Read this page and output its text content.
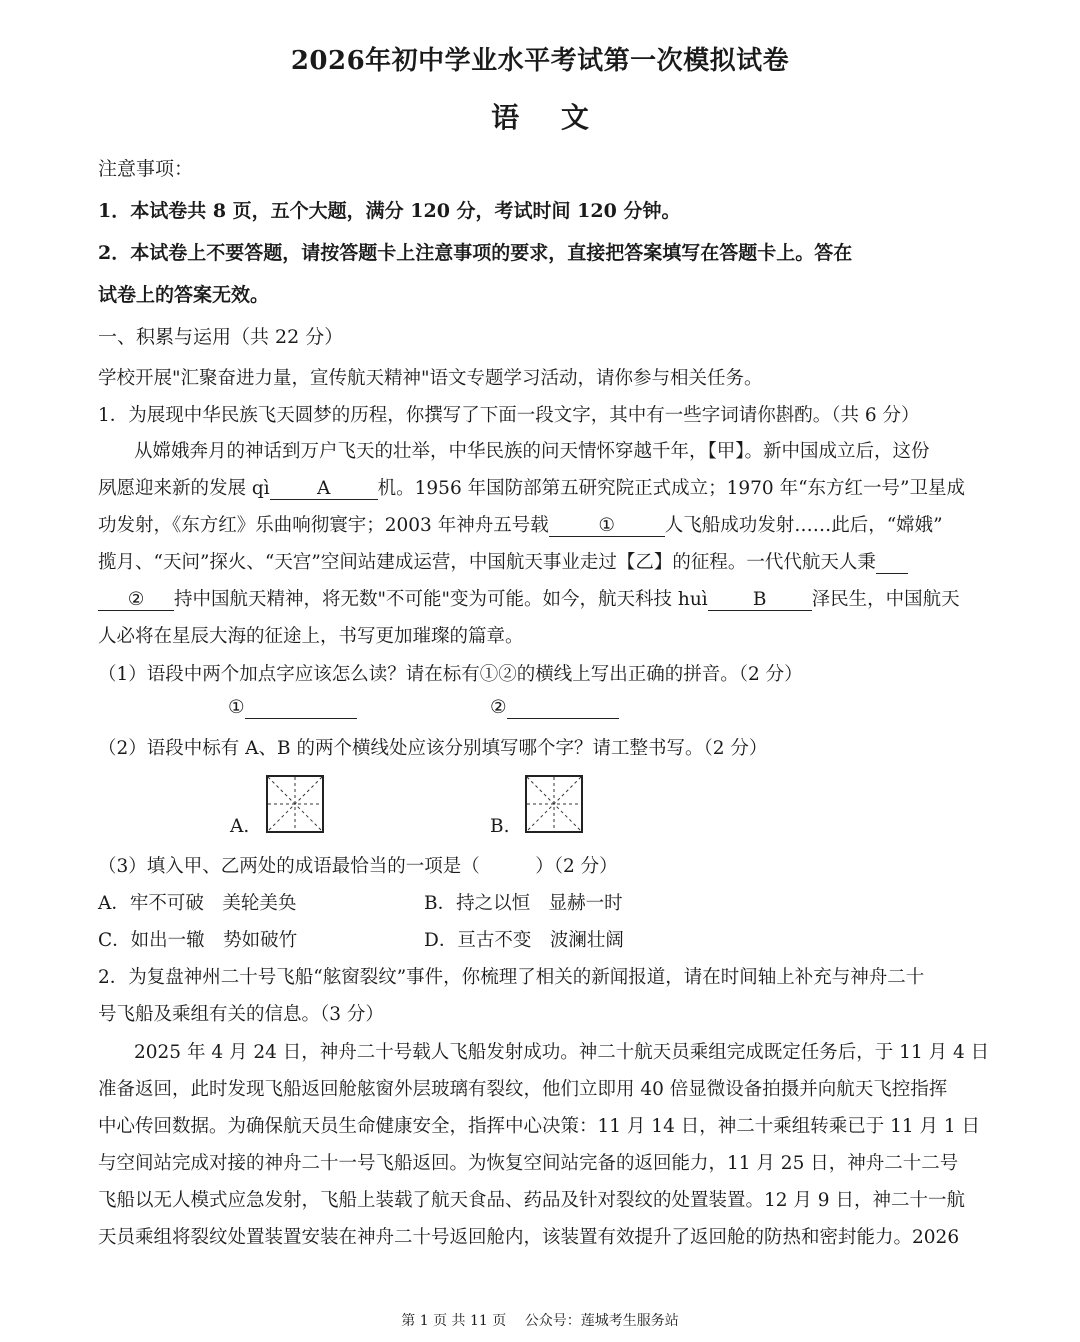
2026年初中学业水平考试第一次模拟试卷
语 文
注意事项：
1．本试卷共 8 页，五个大题，满分 120 分，考试时间 120 分钟。
2．本试卷上不要答题，请按答题卡上注意事项的要求，直接把答案填写在答题卡上。答在
试卷上的答案无效。
一、积累与运用（共 22 分）
学校开展"汇聚奋进力量，宣传航天精神"语文专题学习活动，请你参与相关任务。
1．为展现中华民族飞天圆梦的历程，你撰写了下面一段文字，其中有一些字词请你斟酌。（共 6 分）
从嫦娥奔月的神话到万户飞天的壮举，中华民族的问天情怀穿越千年，【甲】。新中国成立后，这份
夙愿迎来新的发展 qì	A	机。1956 年国防部第五研究院正式成立；1970 年“东方红一号”卫星成
功发射，《东方红》乐曲响彻寰宇；2003 年神舟五号载	①	人飞船成功发射……此后，“嫦娥”
揽月、“天问”探火、“天宫”空间站建成运营，中国航天事业走过【乙】的征程。一代代航天人秉
② 持中国航天精神，将无数"不可能"变为可能。如今，航天科技 huì B 泽民生，中国航天
人必将在星辰大海的征途上，书写更加璀璨的篇章。
（1）语段中两个加点字应该怎么读？请在标有①②的横线上写出正确的拼音。（2 分）
①	②
（2）语段中标有 A、B 的两个横线处应该分别填写哪个字？请工整书写。（2 分）
A.	B.
（3）填入甲、乙两处的成语最恰当的一项是（　　　）（2 分）
A．牢不可破　美轮美奂	B．持之以恒　显赫一时
C．如出一辙　势如破竹	D．亘古不变　波澜壮阔
2．为复盘神州二十号飞船“舷窗裂纹”事件，你梳理了相关的新闻报道，请在时间轴上补充与神舟二十
号飞船及乘组有关的信息。（3 分）
2025 年 4 月 24 日，神舟二十号载人飞船发射成功。神二十航天员乘组完成既定任务后，于 11 月 4 日
准备返回，此时发现飞船返回舱舷窗外层玻璃有裂纹，他们立即用 40 倍显微设备拍摄并向航天飞控指挥
中心传回数据。为确保航天员生命健康安全，指挥中心决策：11 月 14 日，神二十乘组转乘已于 11 月 1 日
与空间站完成对接的神舟二十一号飞船返回。为恢复空间站完备的返回能力，11 月 25 日，神舟二十二号
飞船以无人模式应急发射，飞船上装载了航天食品、药品及针对裂纹的处置装置。12 月 9 日，神二十一航
天员乘组将裂纹处置装置安装在神舟二十号返回舱内，该装置有效提升了返回舱的防热和密封能力。2026
第 1 页 共 11 页　 公众号：莲城考生服务站
